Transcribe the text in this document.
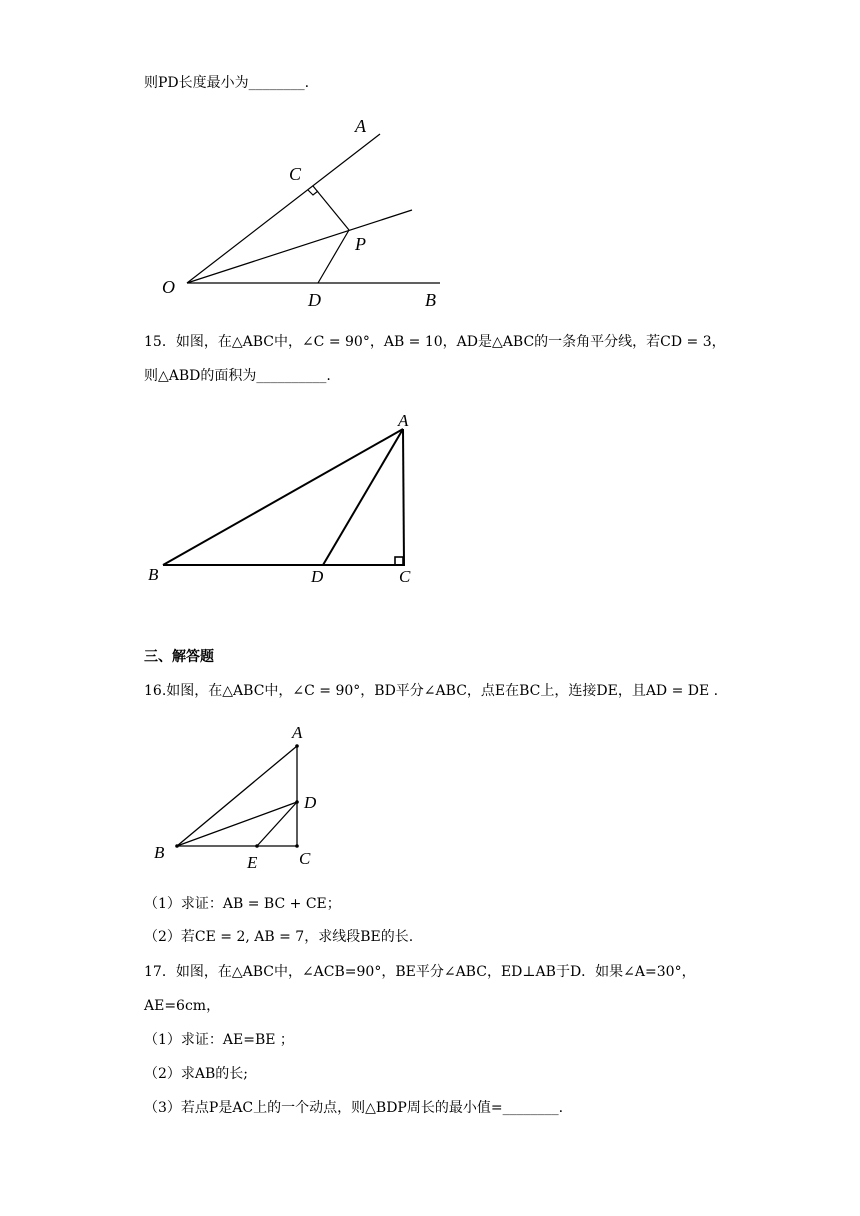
则PD长度最小为________.
A
C
P
O
D	B
15．如图，在△ABC中，∠C = 90°，AB = 10，AD是△ABC的一条角平分线，若CD = 3，
则△ABD的面积为__________.
A
B	D	C
三、解答题
16.如图，在△ABC中，∠C = 90°，BD平分∠ABC，点E在BC上，连接DE，且AD = DE .
A
D
B
E C
（1）求证：AB = BC + CE；
（2）若CE = 2, AB = 7，求线段BE的长.
17．如图，在△ABC中，∠ACB=90°，BE平分∠ABC，ED⊥AB于D．如果∠A=30°，
AE=6cm，
（1）求证：AE=BE ；
（2）求AB的长;
（3）若点P是AC上的一个动点，则△BDP周长的最小值=________.
